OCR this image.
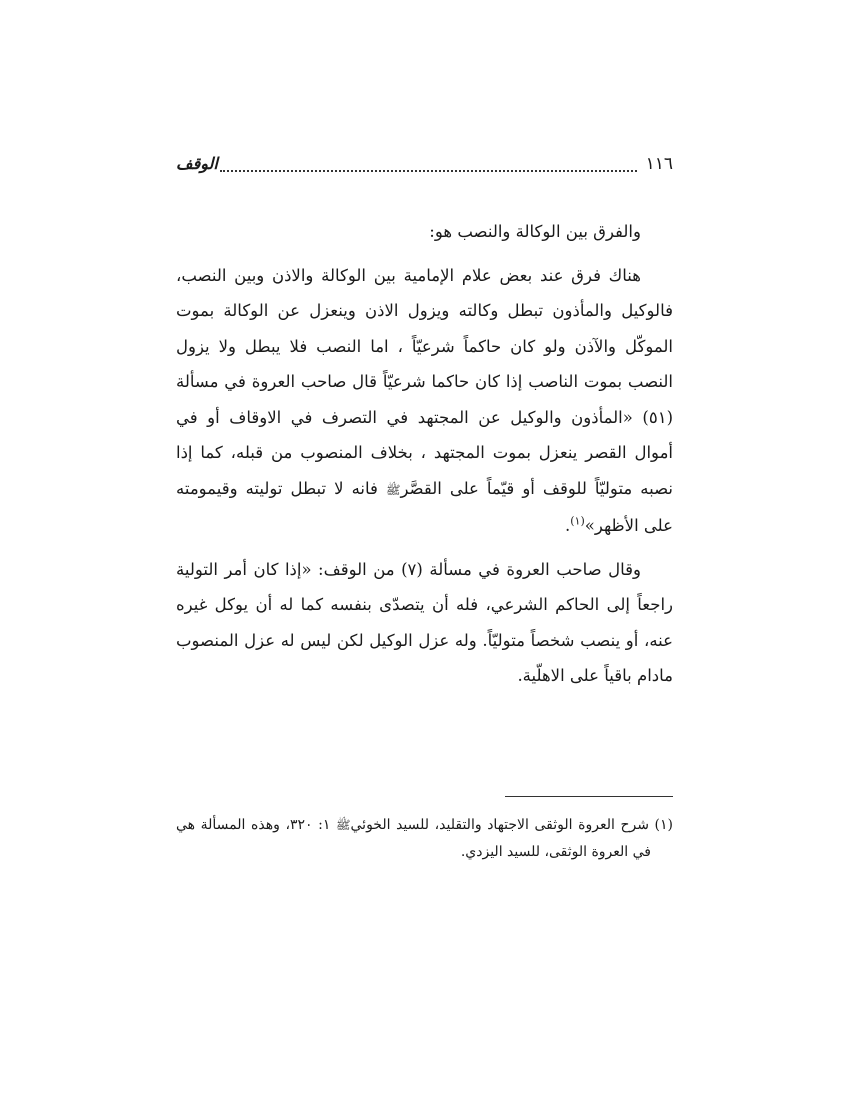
١١٦
الوقف

والفرق بين الوكالة والنصب هو:

هناك فرق عند بعض علام الإمامية بين الوكالة والاذن وبين النصب، فالوكيل والمأذون تبطل وكالته ويزول الاذن وينعزل عن الوكالة بموت الموكّل والآذن ولو كان حاكماً شرعيّاً ، اما النصب فلا يبطل ولا يزول النصب بموت الناصب إذا كان حاكما شرعيّاً قال صاحب العروة في مسألة (٥١) «المأذون والوكيل عن المجتهد في التصرف في الاوقاف أو في أموال القصر ينعزل بموت المجتهد ، بخلاف المنصوب من قبله، كما إذا نصبه متوليّاً للوقف أو قيّماً على القصَّرﷺ فانه لا تبطل توليته وقيمومته على الأظهر»$^{(١)}$.

وقال صاحب العروة في مسألة (٧) من الوقف: «إذا كان أمر التولية راجعاً إلى الحاكم الشرعي، فله أن يتصدّى بنفسه كما له أن يوكل غيره عنه، أو ينصب شخصاً متوليّاً. وله عزل الوكيل لكن ليس له عزل المنصوب مادام باقياً على الاهلّية.

(١) شرح العروة الوثقى الاجتهاد والتقليد، للسيد الخوئيﷺ ١: ٣٢٠، وهذه المسألة هي في العروة الوثقى، للسيد اليزدي.
